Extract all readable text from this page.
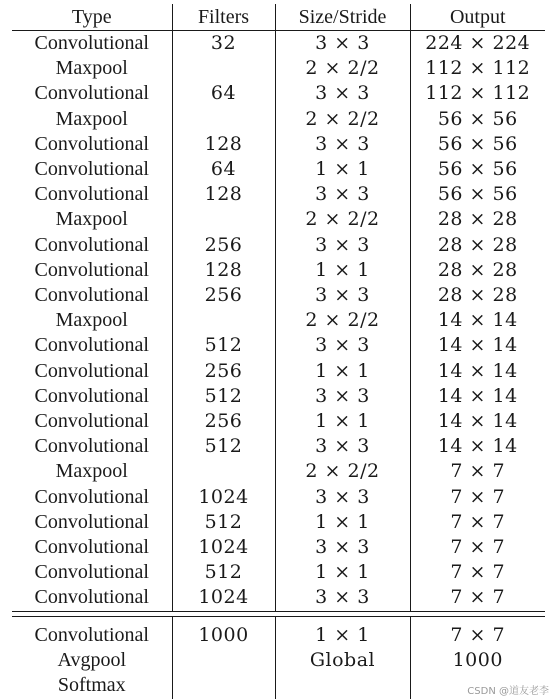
Type	Filters	Size/Stride	Output
Convolutional	32	3 × 3	224 × 224
Maxpool		2 × 2/2	112 × 112
Convolutional	64	3 × 3	112 × 112
Maxpool		2 × 2/2	56 × 56
Convolutional	128	3 × 3	56 × 56
Convolutional	64	1 × 1	56 × 56
Convolutional	128	3 × 3	56 × 56
Maxpool		2 × 2/2	28 × 28
Convolutional	256	3 × 3	28 × 28
Convolutional	128	1 × 1	28 × 28
Convolutional	256	3 × 3	28 × 28
Maxpool		2 × 2/2	14 × 14
Convolutional	512	3 × 3	14 × 14
Convolutional	256	1 × 1	14 × 14
Convolutional	512	3 × 3	14 × 14
Convolutional	256	1 × 1	14 × 14
Convolutional	512	3 × 3	14 × 14
Maxpool		2 × 2/2	7 × 7
Convolutional	1024	3 × 3	7 × 7
Convolutional	512	1 × 1	7 × 7
Convolutional	1024	3 × 3	7 × 7
Convolutional	512	1 × 1	7 × 7
Convolutional	1024	3 × 3	7 × 7

Convolutional	1000	1 × 1	7 × 7
Avgpool		Global	1000
Softmax				CSDN @道友老李
